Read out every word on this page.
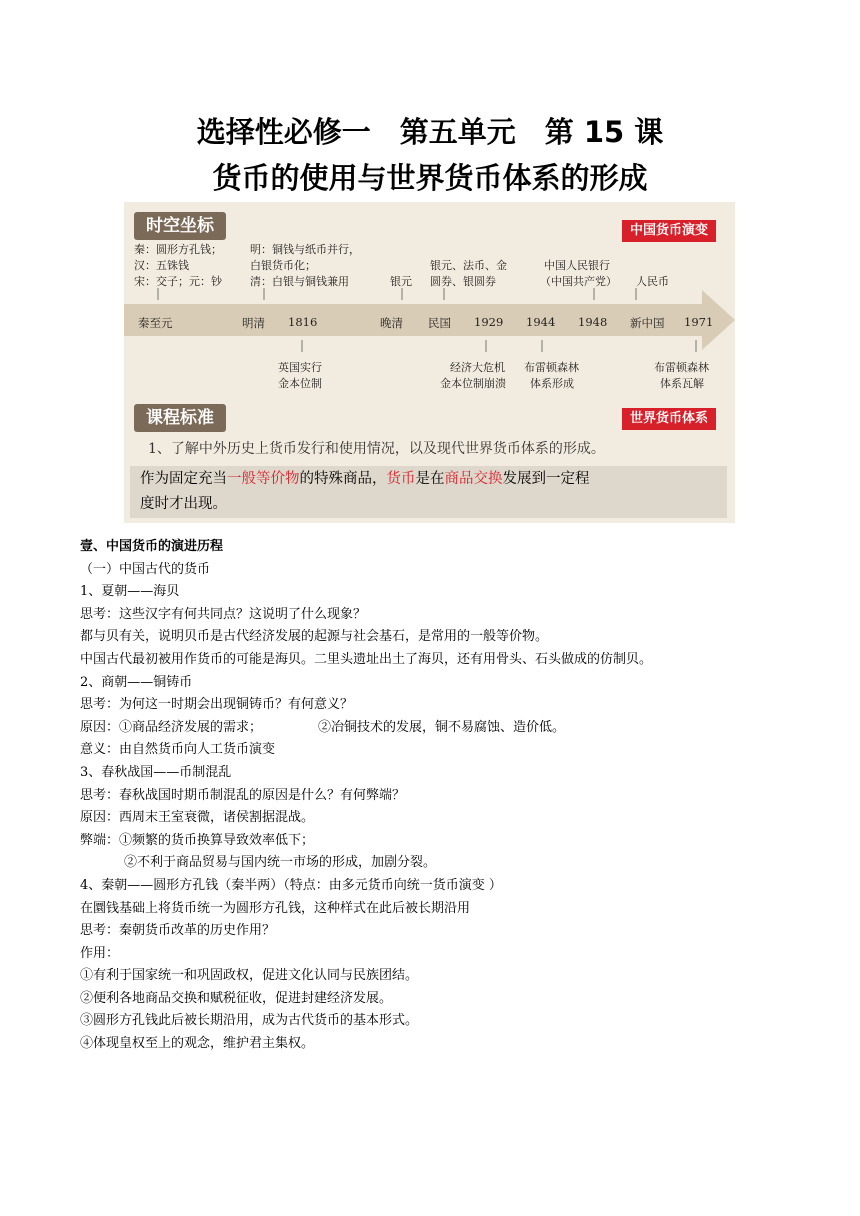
选择性必修一　第五单元　第 15 课
货币的使用与世界货币体系的形成
时空坐标	中国货币演变
秦：圆形方孔钱；
汉：五铢钱
宋：交子；元：钞
明：铜钱与纸币并行，
白银货币化；
清：白银与铜钱兼用	银元
银元、法币、金
圆券、银圆券
中国人民银行
（中国共产党） 人民币
秦至元	明清 1816	晚清 民国 1929 1944 1948 新中国 1971
英国实行
金本位制
经济大危机
金本位制崩溃
布雷顿森林
体系形成
布雷顿森林
体系瓦解
课程标准	世界货币体系
1、了解中外历史上货币发行和使用情况，以及现代世界货币体系的形成。
作为固定充当一般等价物的特殊商品，货币是在商品交换发展到一定程
度时才出现。
壹、中国货币的演进历程
（一）中国古代的货币
1、夏朝——海贝
思考：这些汉字有何共同点？这说明了什么现象？
都与贝有关，说明贝币是古代经济发展的起源与社会基石，是常用的一般等价物。
中国古代最初被用作货币的可能是海贝。二里头遗址出土了海贝，还有用骨头、石头做成的仿制贝。
2、商朝——铜铸币
思考：为何这一时期会出现铜铸币？有何意义？
原因：①商品经济发展的需求；	②冶铜技术的发展，铜不易腐蚀、造价低。
意义：由自然货币向人工货币演变
3、春秋战国——币制混乱
思考：春秋战国时期币制混乱的原因是什么？有何弊端？
原因：西周末王室衰微，诸侯割据混战。
弊端：①频繁的货币换算导致效率低下；
②不利于商品贸易与国内统一市场的形成，加剧分裂。
4、秦朝——圆形方孔钱（秦半两）（特点：由多元货币向统一货币演变 ）
在圜钱基础上将货币统一为圆形方孔钱，这种样式在此后被长期沿用
思考：秦朝货币改革的历史作用？
作用：
①有利于国家统一和巩固政权，促进文化认同与民族团结。
②便利各地商品交换和赋税征收，促进封建经济发展。
③圆形方孔钱此后被长期沿用，成为古代货币的基本形式。
④体现皇权至上的观念，维护君主集权。
